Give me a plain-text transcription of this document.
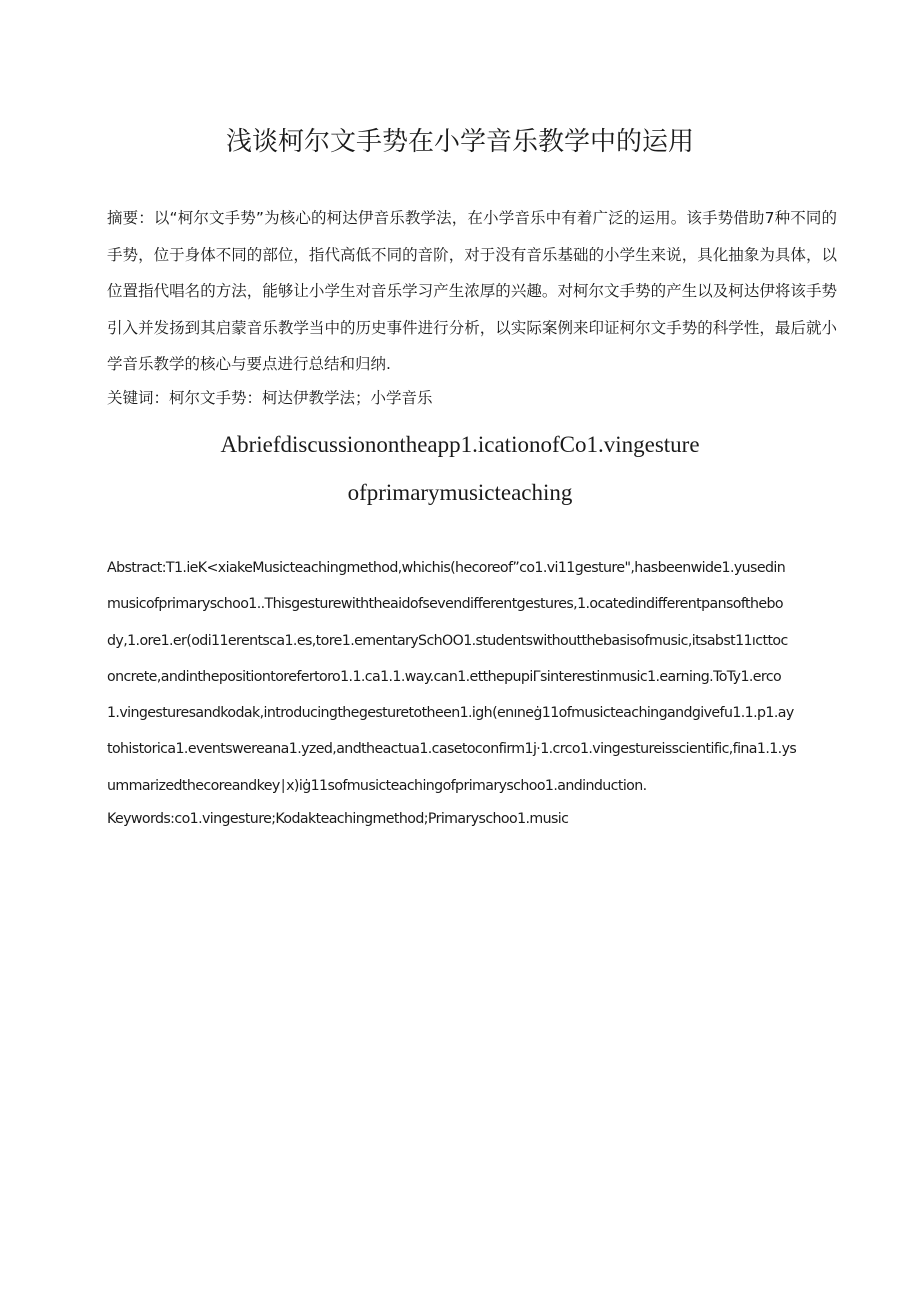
浅谈柯尔文手势在小学音乐教学中的运用

摘要：以“柯尔文手势”为核心的柯达伊音乐教学法，在小学音乐中有着广泛的运用。该手势借助7种不同的手势，位于身体不同的部位，指代高低不同的音阶，对于没有音乐基础的小学生来说，具化抽象为具体，以位置指代唱名的方法，能够让小学生对音乐学习产生浓厚的兴趣。对柯尔文手势的产生以及柯达伊将该手势引入并发扬到其启蒙音乐教学当中的历史事件进行分析，以实际案例来印证柯尔文手势的科学性，最后就小学音乐教学的核心与要点进行总结和归纳.

关键词：柯尔文手势：柯达伊教学法；小学音乐

Abriefdiscussionontheapp1.icationofCo1.vingesture
ofprimarymusicteaching

Abstract:T1.ieK<xiakeMusicteachingmethod,whichis(hecoreof”co1.vi11gesture",hasbeenwide1.yusedin
musicofprimaryschoo1..Thisgesturewiththeaidofsevendifferentgestures,1.ocatedindifferentpansofthebo
dy,1.ore1.er(odi11erentsca1.es,tore1.ementarySchOO1.studentswithoutthebasisofmusic,itsabst11ıcttoc
oncrete,andinthepositiontorefertoro1.1.ca1.1.way.can1.etthepupiΓsinterestinmusic1.earning.ToTy1.erco
1.vingesturesandkodak,introducingthegesturetotheen1.igh(enıneġ11ofmusicteachingandgivefu1.1.p1.ay
tohistorica1.eventswereana1.yzed,andtheactua1.casetoconfirm1j·1.crco1.vingestureisscientific,fina1.1.ys
ummarizedthecoreandkey∣x)iġ11sofmusicteachingofprimaryschoo1.andinduction.

Keywords:co1.vingesture;Kodakteachingmethod;Primaryschoo1.music
